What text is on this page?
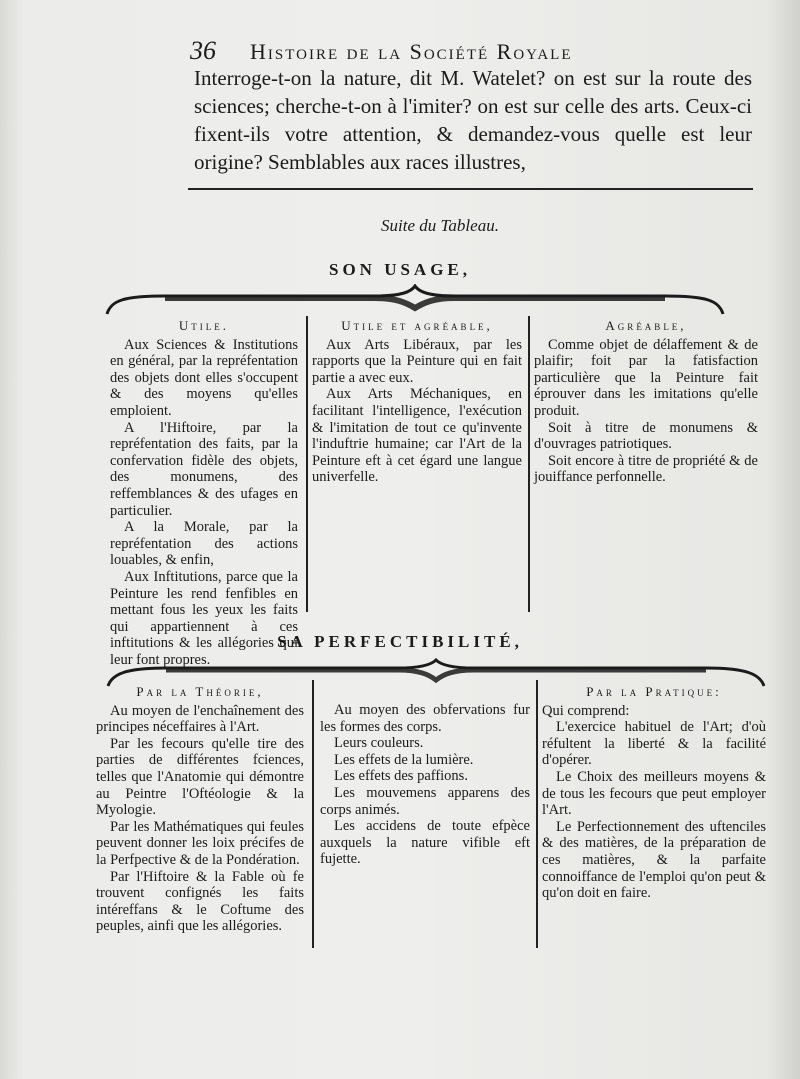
36	Histoire de la Société Royale

Interroge-t-on la nature, dit M. Watelet? on est sur la route des sciences; cherche-t-on à l'imiter? on est sur celle des arts. Ceux-ci fixent-ils votre attention, & demandez-vous quelle est leur origine? Semblables aux races illustres,

Suite du Tableau.
SON USAGE,

Utile.

Aux Sciences & Institutions en général, par la repréfentation des objets dont elles s'occupent & des moyens qu'elles emploient.

A l'Hiftoire, par la repréfentation des faits, par la confervation fidèle des objets, des monumens, des reffemblances & des ufages en particulier.

A la Morale, par la repréfentation des actions louables, & enfin,

Aux Inftitutions, parce que la Peinture les rend fenfibles en mettant fous les yeux les faits qui appartiennent à ces inftitutions & les allégories qui leur font propres.

Utile et agréable,

Aux Arts Libéraux, par les rapports que la Peinture qui en fait partie a avec eux.

Aux Arts Méchaniques, en facilitant l'intelligence, l'exécution & l'imitation de tout ce qu'invente l'induftrie humaine; car l'Art de la Peinture eft à cet égard une langue univerfelle.

Agréable,

Comme objet de délaffement & de plaifir; foit par la fatisfaction particulière que la Peinture fait éprouver dans les imitations qu'elle produit.

Soit à titre de monumens & d'ouvrages patriotiques.

Soit encore à titre de propriété & de jouiffance perfonnelle.

SA PERFECTIBILITÉ,

Par la Théorie,

Au moyen de l'enchaînement des principes néceffaires à l'Art.

Par les fecours qu'elle tire des parties de différentes fciences, telles que l'Anatomie qui démontre au Peintre l'Oftéologie & la Myologie.

Par les Mathématiques qui feules peuvent donner les loix précifes de la Perfpective & de la Pondération.

Par l'Hiftoire & la Fable où fe trouvent confignés les faits intéreffans & le Coftume des peuples, ainfi que les allégories.

Au moyen des obfervations fur les formes des corps.

Leurs couleurs.

Les effets de la lumière.

Les effets des paffions.

Les mouvemens apparens des corps animés.

Les accidens de toute efpèce auxquels la nature vifible eft fujette.

Par la Pratique:

Qui comprend:

L'exercice habituel de l'Art; d'où réfultent la liberté & la facilité d'opérer.

Le Choix des meilleurs moyens & de tous les fecours que peut employer l'Art.

Le Perfectionnement des uftenciles & des matières, de la préparation de ces matières, & la parfaite connoiffance de l'emploi qu'on peut & qu'on doit en faire.
